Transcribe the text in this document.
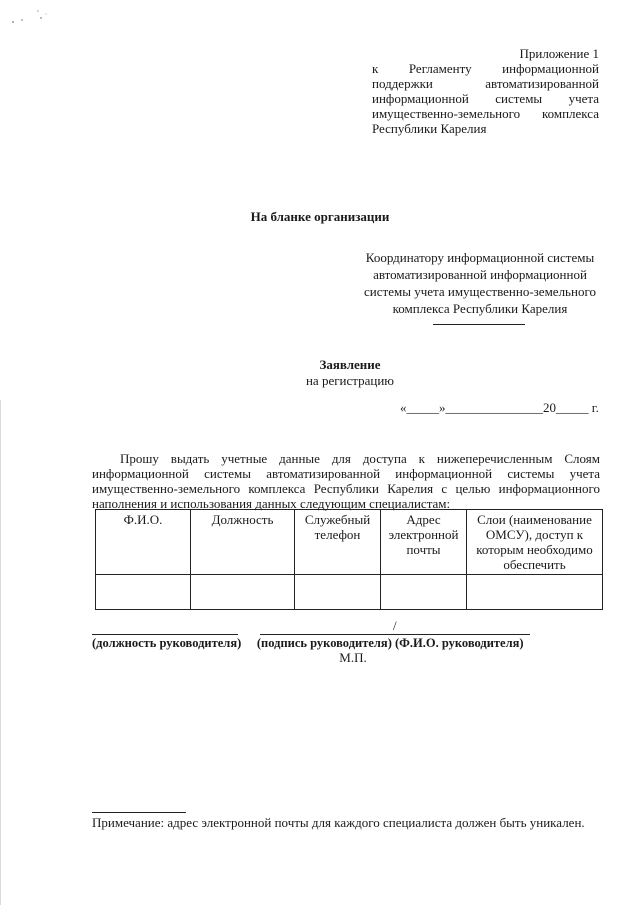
Приложение 1
к Регламенту информационной поддержки автоматизированной информационной системы учета имущественно-земельного комплекса Республики Карелия
На бланке организации
Координатору информационной системы
автоматизированной информационной
системы учета имущественно-земельного
комплекса Республики Карелия
Заявление
на регистрацию
«_____»_______________20_____ г.
Прошу выдать учетные данные для доступа к нижеперечисленным Слоям информационной системы автоматизированной информационной системы учета имущественно-земельного комплекса Республики Карелия с целью информационного наполнения и использования данных следующим специалистам:
Ф.И.О.	Должность	Служебный телефон	Адрес электронной почты	Слои (наименование ОМСУ), доступ к которым необходимо обеспечить

/
(должность руководителя)     (подпись руководителя) (Ф.И.О. руководителя)
М.П.
Примечание: адрес электронной почты для каждого специалиста должен быть уникален.
